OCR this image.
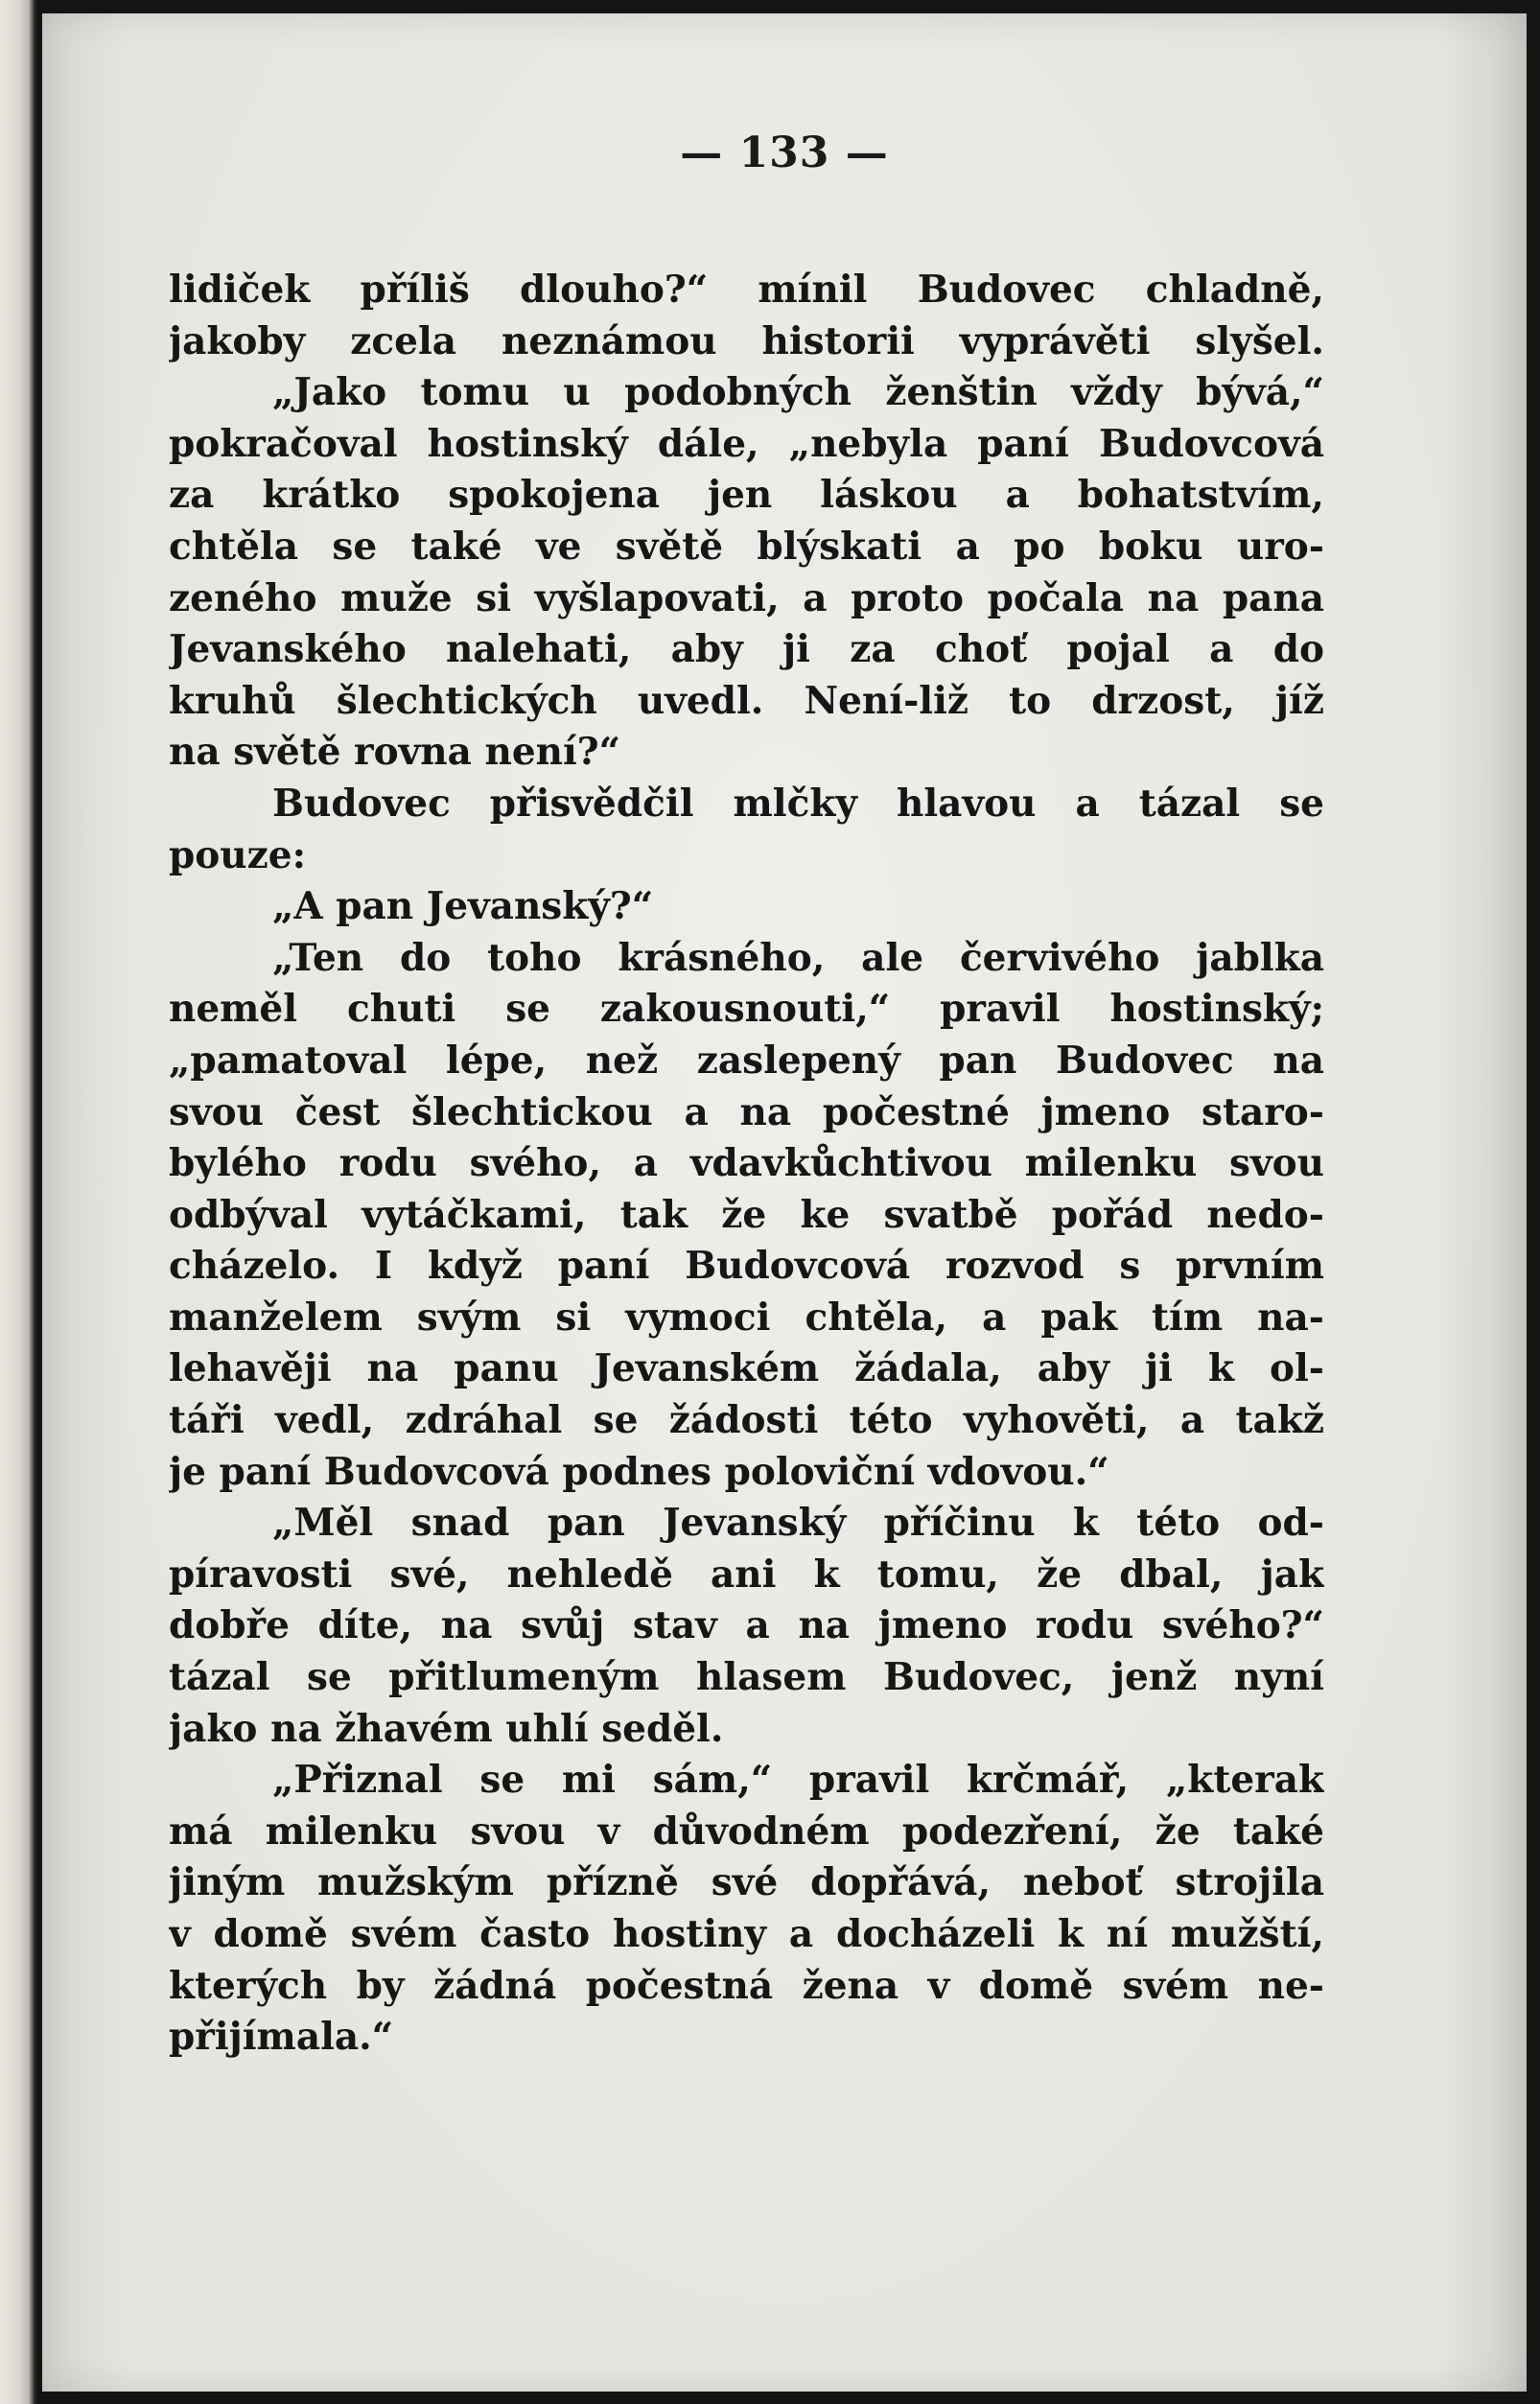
— 133 —
lidiček příliš dlouho?“ mínil Budovec chladně,
jakoby zcela neznámou historii vyprávěti slyšel.
„Jako tomu u podobných ženštin vždy bývá,“
pokračoval hostinský dále, „nebyla paní Budovcová
za krátko spokojena jen láskou a bohatstvím,
chtěla se také ve světě blýskati a po boku uro-
zeného muže si vyšlapovati, a proto počala na pana
Jevanského nalehati, aby ji za choť pojal a do
kruhů šlechtických uvedl. Není-liž to drzost, jíž
na světě rovna není?“
Budovec přisvědčil mlčky hlavou a tázal se
pouze:
„A pan Jevanský?“
„Ten do toho krásného, ale červivého jablka
neměl chuti se zakousnouti,“ pravil hostinský;
„pamatoval lépe, než zaslepený pan Budovec na
svou čest šlechtickou a na počestné jmeno staro-
bylého rodu svého, a vdavkůchtivou milenku svou
odbýval vytáčkami, tak že ke svatbě pořád nedo-
cházelo. I když paní Budovcová rozvod s prvním
manželem svým si vymoci chtěla, a pak tím na-
lehavěji na panu Jevanském žádala, aby ji k ol-
táři vedl, zdráhal se žádosti této vyhověti, a takž
je paní Budovcová podnes poloviční vdovou.“
„Měl snad pan Jevanský příčinu k této od-
píravosti své, nehledě ani k tomu, že dbal, jak
dobře díte, na svůj stav a na jmeno rodu svého?“
tázal se přitlumeným hlasem Budovec, jenž nyní
jako na žhavém uhlí seděl.
„Přiznal se mi sám,“ pravil krčmář, „kterak
má milenku svou v důvodném podezření, že také
jiným mužským přízně své dopřává, neboť strojila
v domě svém často hostiny a docházeli k ní mužští,
kterých by žádná počestná žena v domě svém ne-
přijímala.“
